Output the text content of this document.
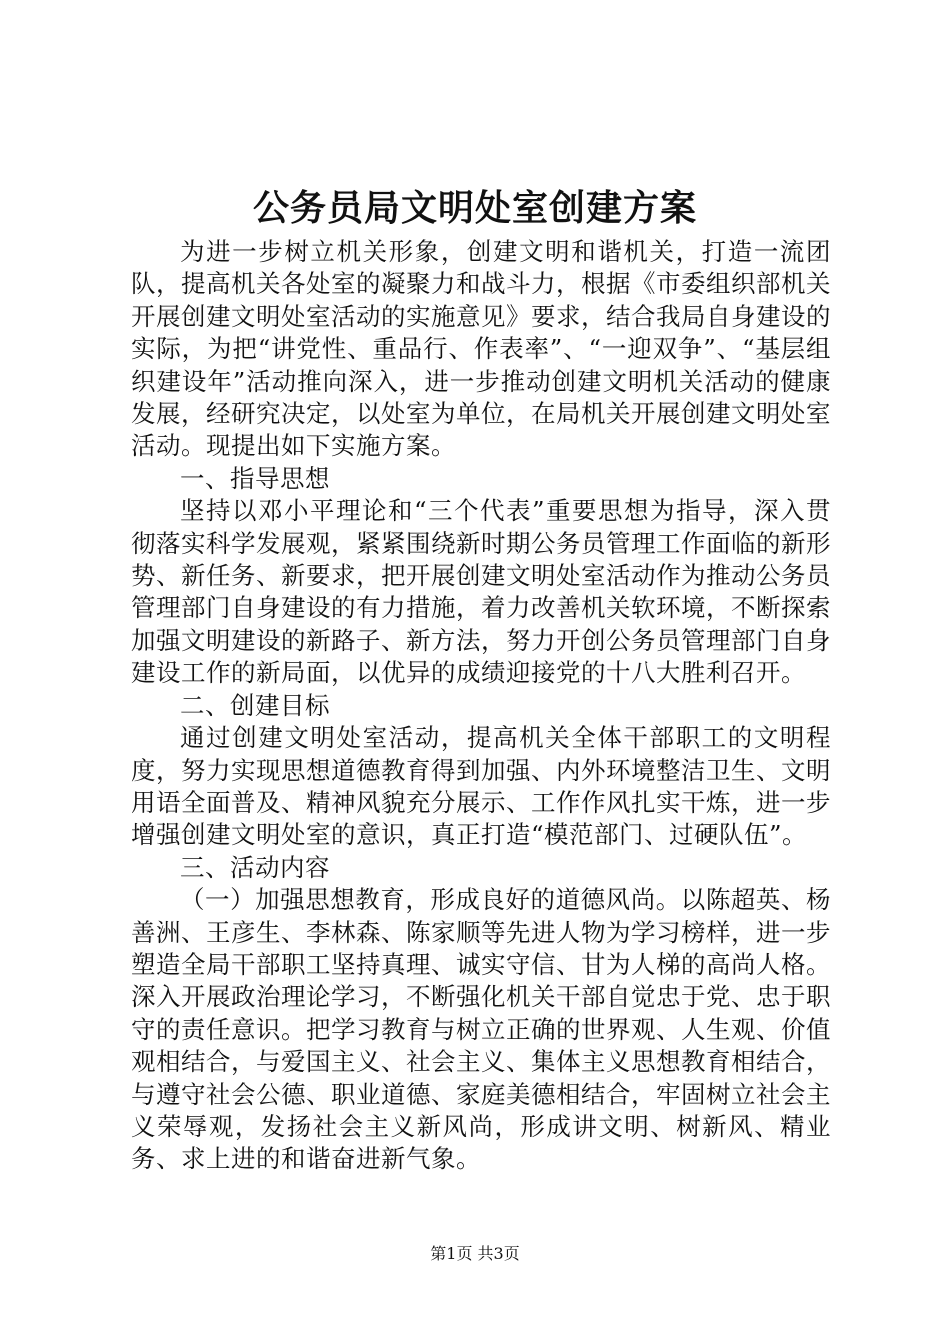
公务员局文明处室创建方案

为进一步树立机关形象，创建文明和谐机关，打造一流团队，提高机关各处室的凝聚力和战斗力，根据《市委组织部机关开展创建文明处室活动的实施意见》要求，结合我局自身建设的实际，为把“讲党性、重品行、作表率”、“一迎双争”、“基层组织建设年”活动推向深入，进一步推动创建文明机关活动的健康发展，经研究决定，以处室为单位，在局机关开展创建文明处室活动。现提出如下实施方案。

一、指导思想

坚持以邓小平理论和“三个代表”重要思想为指导，深入贯彻落实科学发展观，紧紧围绕新时期公务员管理工作面临的新形势、新任务、新要求，把开展创建文明处室活动作为推动公务员管理部门自身建设的有力措施，着力改善机关软环境，不断探索加强文明建设的新路子、新方法，努力开创公务员管理部门自身建设工作的新局面，以优异的成绩迎接党的十八大胜利召开。

二、创建目标

通过创建文明处室活动，提高机关全体干部职工的文明程度，努力实现思想道德教育得到加强、内外环境整洁卫生、文明用语全面普及、精神风貌充分展示、工作作风扎实干炼，进一步增强创建文明处室的意识，真正打造“模范部门、过硬队伍”。

三、活动内容

（一）加强思想教育，形成良好的道德风尚。以陈超英、杨善洲、王彦生、李林森、陈家顺等先进人物为学习榜样，进一步塑造全局干部职工坚持真理、诚实守信、甘为人梯的高尚人格。深入开展政治理论学习，不断强化机关干部自觉忠于党、忠于职守的责任意识。把学习教育与树立正确的世界观、人生观、价值观相结合，与爱国主义、社会主义、集体主义思想教育相结合，与遵守社会公德、职业道德、家庭美德相结合，牢固树立社会主义荣辱观，发扬社会主义新风尚，形成讲文明、树新风、精业务、求上进的和谐奋进新气象。

第1页 共3页
